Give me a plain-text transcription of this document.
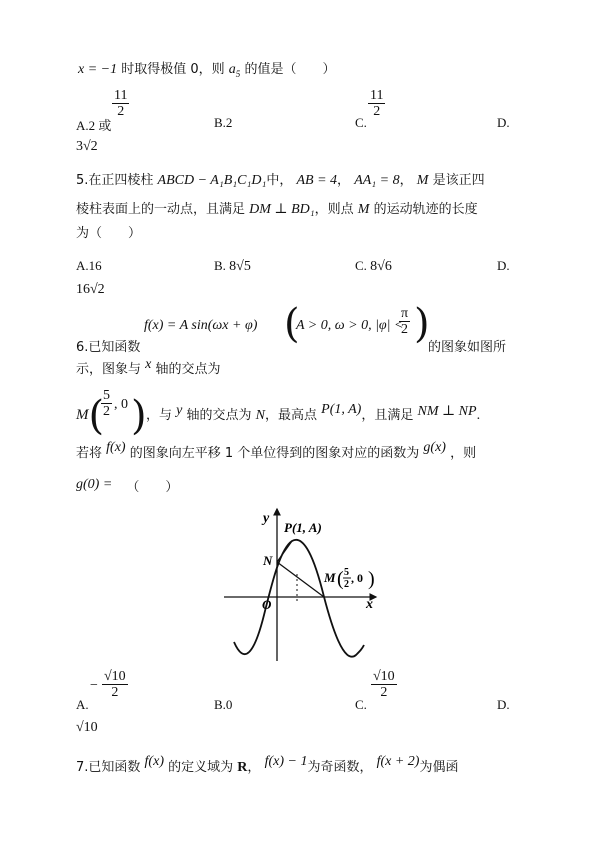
x = −1 时取得极值 0，则 $a_5$ 的值是（　　）
A.2 或
$\frac{11}{2}$
B.2	C.
$\frac{11}{2}$
D.
3√2
5.在正四棱柱 ABCD − A₁B₁C₁D₁中， AB = 4， AA₁ = 8， M 是该正四
棱柱表面上的一动点，且满足 DM ⊥ BD₁，则点 M 的运动轨迹的长度
为（　　）
A.16	B. 8√5	C. 8√6	D.
16√2
f(x) = A sin(ωx + φ) (
A > 0, ω > 0, |φ| <
$\frac{\pi}{2}$ )
6.已知函数	的图象如图所
示，图象与 x 轴的交点为
$^M$(
$\frac{5}{2}$ , 0 ) ，与 y 轴的交点为 N，最高点 P(1, A)，且满足 NM ⊥ NP.
若将 f(x) 的图象向左平移 1 个单位得到的图象对应的函数为 g(x) ，则
g(0) = （　　）
y
x
O
N
P(1, A)
M ( 5
2 , 0 )
A.
− $\frac{√10}{2}$
B.0	C.
$\frac{√10}{2}$
D.
√10
7.已知函数 f(x) 的定义域为 R， f(x) − 1为奇函数， f(x + 2)为偶函
